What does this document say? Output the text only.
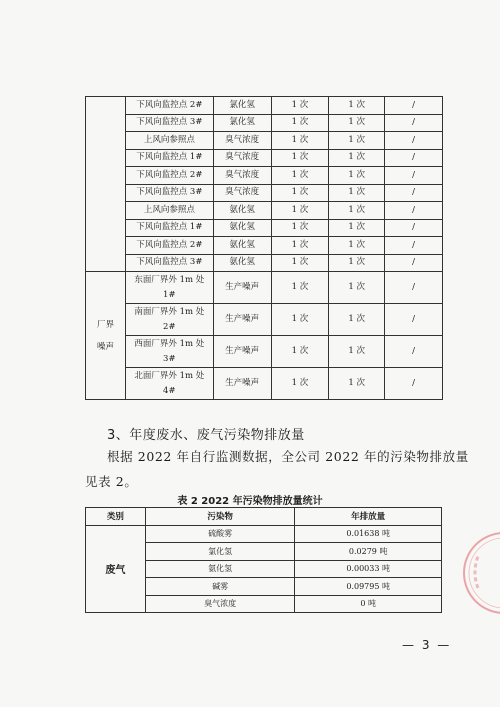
	下风向监控点 2#	氯化氢	1 次	1 次	/
	下风向监控点 3#	氯化氢	1 次	1 次	/
	上风向参照点	臭气浓度	1 次	1 次	/
	下风向监控点 1#	臭气浓度	1 次	1 次	/
	下风向监控点 2#	臭气浓度	1 次	1 次	/
	下风向监控点 3#	臭气浓度	1 次	1 次	/
	上风向参照点	氨化氢	1 次	1 次	/
	下风向监控点 1#	氨化氢	1 次	1 次	/
	下风向监控点 2#	氨化氢	1 次	1 次	/
	下风向监控点 3#	氨化氢	1 次	1 次	/
厂界噪声	东面厂界外 1m 处 1#	生产噪声	1 次	1 次	/
	南面厂界外 1m 处 2#	生产噪声	1 次	1 次	/
	西面厂界外 1m 处 3#	生产噪声	1 次	1 次	/
	北面厂界外 1m 处 4#	生产噪声	1 次	1 次	/
3、年度废水、废气污染物排放量
根据 2022 年自行监测数据，全公司 2022 年的污染物排放量
见表 2。
表 2 2022 年污染物排放量统计
类别	污染物	年排放量
废气	硫酸雾	0.01638 吨
	氯化氢	0.0279 吨
	氨化氢	0.00033 吨
	碱雾	0.09795 吨
	臭气浓度	0 吨
— 3 —
